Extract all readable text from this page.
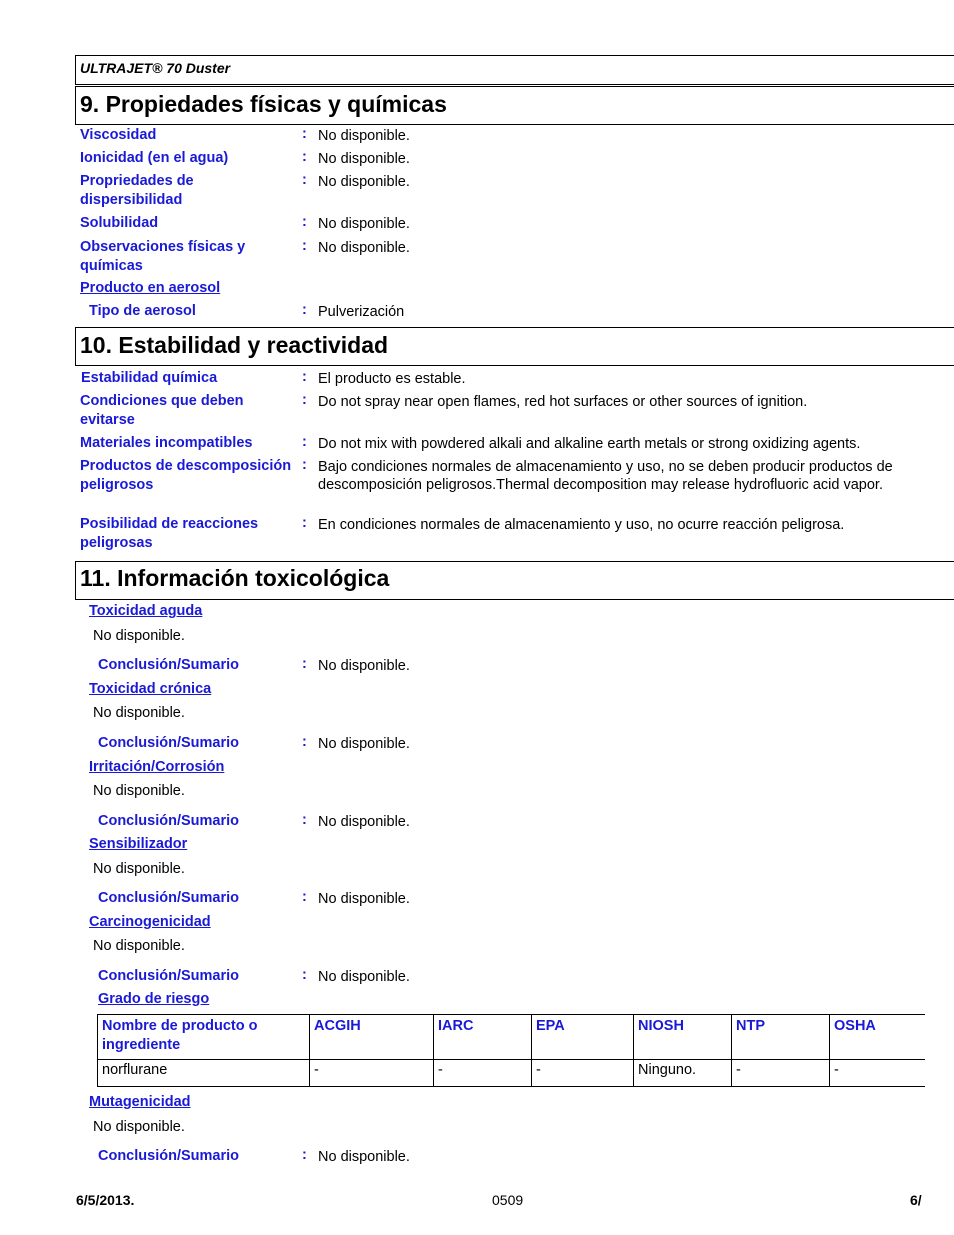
ULTRAJET® 70 Duster
9. Propiedades físicas y químicas
Viscosidad	: No disponible.
Ionicidad (en el agua)	: No disponible.
Propriedades de dispersibilidad
: No disponible.
Solubilidad	: No disponible.
Observaciones físicas y químicas
: No disponible.
Producto en aerosol
Tipo de aerosol	: Pulverización
10. Estabilidad y reactividad
Estabilidad química	: El producto es estable.
Condiciones que deben evitarse
: Do not spray near open flames, red hot surfaces or other sources of ignition.
Materiales incompatibles	: Do not mix with powdered alkali and alkaline earth metals or strong oxidizing agents.
Productos de descomposición peligrosos
: Bajo condiciones normales de almacenamiento y uso, no se deben producir productos de descomposición peligrosos.Thermal decomposition may release hydrofluoric acid vapor.
Posibilidad de reacciones peligrosas
: En condiciones normales de almacenamiento y uso, no ocurre reacción peligrosa.
11. Información toxicológica
Toxicidad aguda
No disponible.
Conclusión/Sumario	: No disponible.
Toxicidad crónica
No disponible.
Conclusión/Sumario	: No disponible.
Irritación/Corrosión
No disponible.
Conclusión/Sumario	: No disponible.
Sensibilizador
No disponible.
Conclusión/Sumario	: No disponible.
Carcinogenicidad
No disponible.
Conclusión/Sumario	: No disponible.
Grado de riesgo
Nombre de producto o ingrediente	ACGIH	IARC	EPA	NIOSH	NTP	OSHA
norflurane	-	-	-	Ninguno.	-	-
Mutagenicidad
No disponible.
Conclusión/Sumario	: No disponible.
6/5/2013.	0509	6/
